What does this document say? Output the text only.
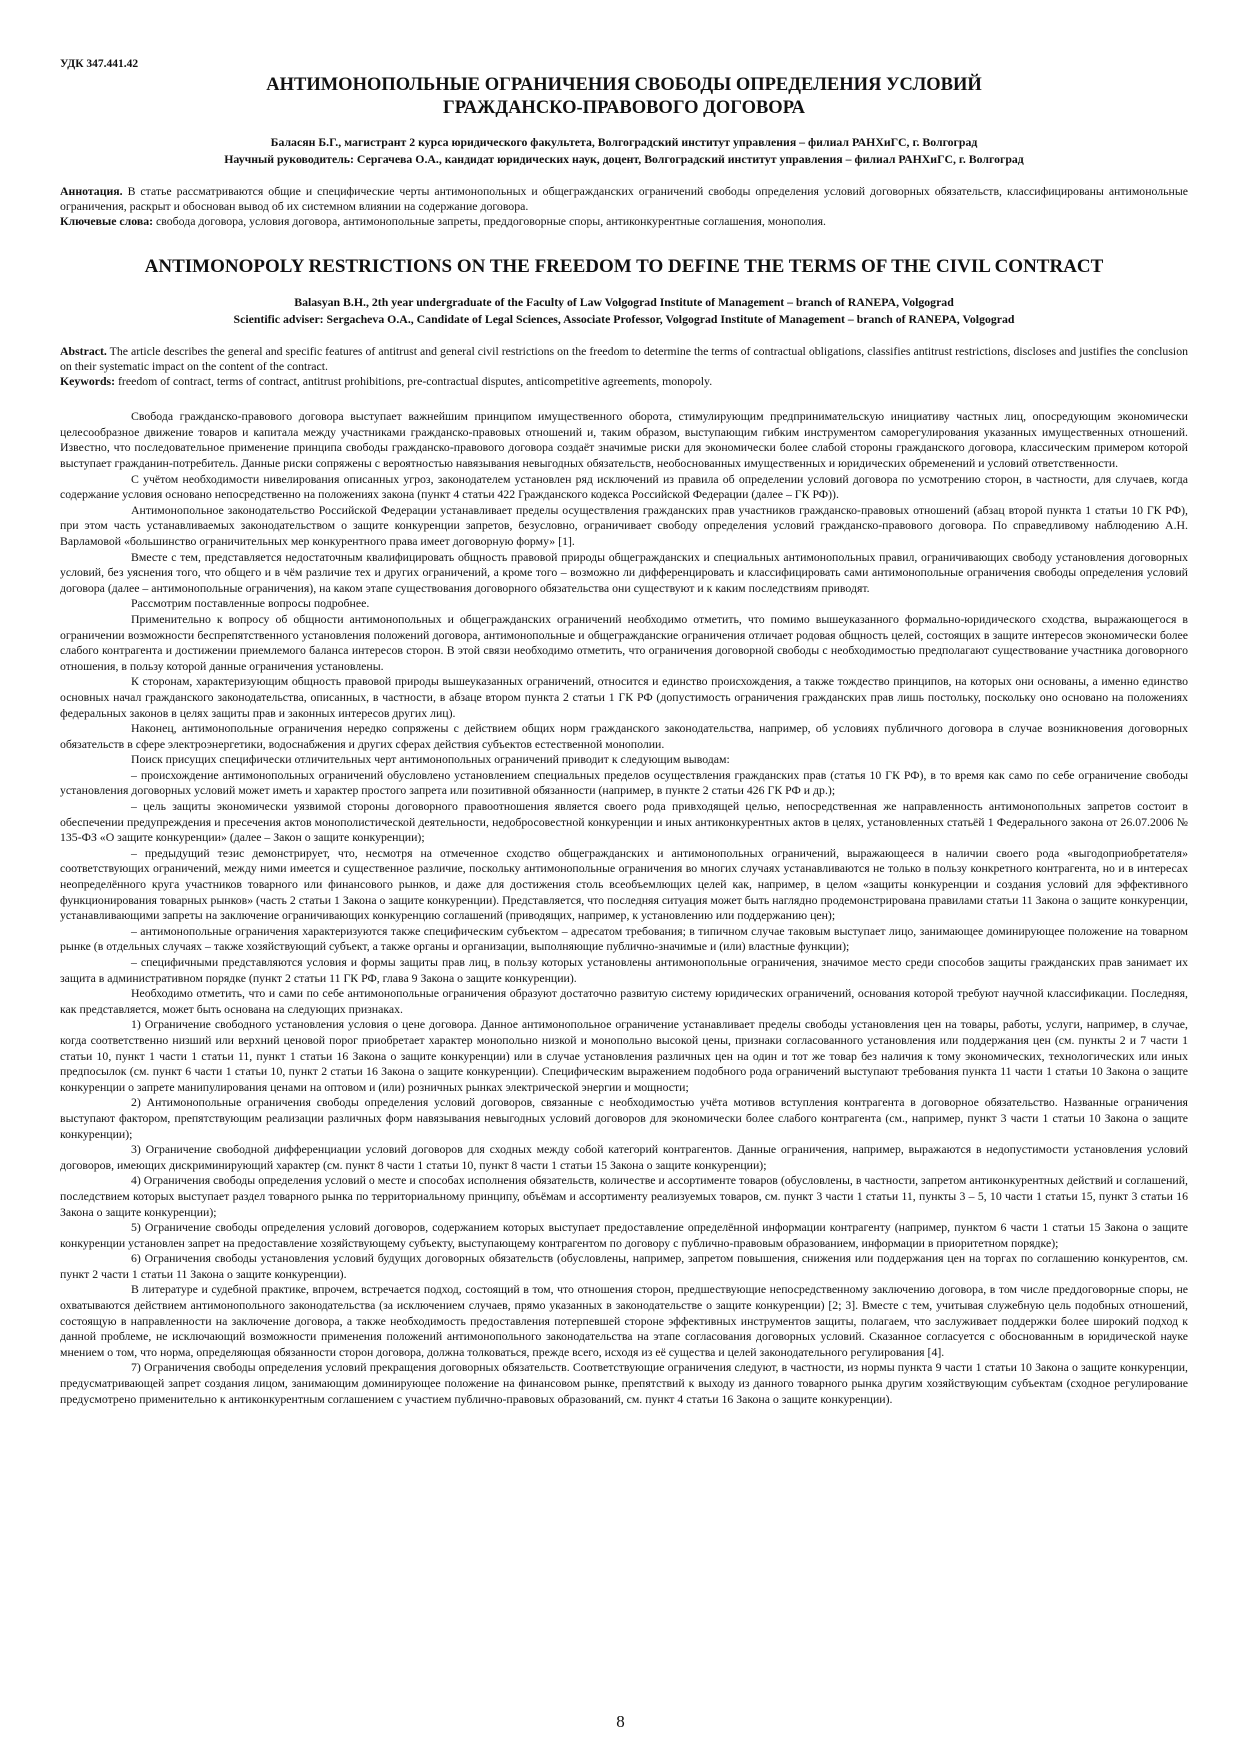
УДК 347.441.42
АНТИМОНОПОЛЬНЫЕ ОГРАНИЧЕНИЯ СВОБОДЫ ОПРЕДЕЛЕНИЯ УСЛОВИЙ
ГРАЖДАНСКО-ПРАВОВОГО ДОГОВОРА

Баласян Б.Г., магистрант 2 курса юридического факультета, Волгоградский институт управления – филиал РАНХиГС, г. Волгоград

Научный руководитель: Сергачева О.А., кандидат юридических наук, доцент, Волгоградский институт управления – филиал РАНХиГС, г. Волгоград

Аннотация. В статье рассматриваются общие и специфические черты антимонопольных и общегражданских ограничений свободы определения условий договорных обязательств, классифицированы антимонольные ограничения, раскрыт и обоснован вывод об их системном влиянии на содержание договора.

Ключевые слова: свобода договора, условия договора, антимонопольные запреты, преддоговорные споры, антиконкурентные соглашения, монополия.

ANTIMONOPOLY RESTRICTIONS ON THE FREEDOM TO DEFINE THE TERMS OF THE CIVIL CONTRACT

Balasyan B.H., 2th year undergraduate of the Faculty of Law Volgograd Institute of Management – branch of RANEPA, Volgograd

Scientific adviser: Sergacheva O.A., Candidate of Legal Sciences, Associate Professor, Volgograd Institute of Management – branch of RANEPA, Volgograd

Abstract. The article describes the general and specific features of antitrust and general civil restrictions on the freedom to determine the terms of contractual obligations, classifies antitrust restrictions, discloses and justifies the conclusion on their systematic impact on the content of the contract.

Keywords: freedom of contract, terms of contract, antitrust prohibitions, pre-contractual disputes, anticompetitive agreements, monopoly.

Свобода гражданско-правового договора выступает важнейшим принципом имущественного оборота, стимулирующим предпринимательскую инициативу частных лиц, опосредующим экономически целесообразное движение товаров и капитала между участниками гражданско-правовых отношений и, таким образом, выступающим гибким инструментом саморегулирования указанных имущественных отношений. Известно, что последовательное применение принципа свободы гражданско-правового договора создаёт значимые риски для экономически более слабой стороны гражданского договора, классическим примером которой выступает гражданин-потребитель. Данные риски сопряжены с вероятностью навязывания невыгодных обязательств, необоснованных имущественных и юридических обременений и условий ответственности.

С учётом необходимости нивелирования описанных угроз, законодателем установлен ряд исключений из правила об определении условий договора по усмотрению сторон, в частности, для случаев, когда содержание условия основано непосредственно на положениях закона (пункт 4 статьи 422 Гражданского кодекса Российской Федерации (далее – ГК РФ)).

Антимонопольное законодательство Российской Федерации устанавливает пределы осуществления гражданских прав участников гражданско-правовых отношений (абзац второй пункта 1 статьи 10 ГК РФ), при этом часть устанавливаемых законодательством о защите конкуренции запретов, безусловно, ограничивает свободу определения условий гражданско-правового договора. По справедливому наблюдению А.Н. Варламовой «большинство ограничительных мер конкурентного права имеет договорную форму» [1].

Вместе с тем, представляется недостаточным квалифицировать общность правовой природы общегражданских и специальных антимонопольных правил, ограничивающих свободу установления договорных условий, без уяснения того, что общего и в чём различие тех и других ограничений, а кроме того – возможно ли дифференцировать и классифицировать сами антимонопольные ограничения свободы определения условий договора (далее – антимонопольные ограничения), на каком этапе существования договорного обязательства они существуют и к каким последствиям приводят.

Рассмотрим поставленные вопросы подробнее.

Применительно к вопросу об общности антимонопольных и общегражданских ограничений необходимо отметить, что помимо вышеуказанного формально-юридического сходства, выражающегося в ограничении возможности беспрепятственного установления положений договора, антимонопольные и общегражданские ограничения отличает родовая общность целей, состоящих в защите интересов экономически более слабого контрагента и достижении приемлемого баланса интересов сторон. В этой связи необходимо отметить, что ограничения договорной свободы с необходимостью предполагают существование участника договорного отношения, в пользу которой данные ограничения установлены.

К сторонам, характеризующим общность правовой природы вышеуказанных ограничений, относится и единство происхождения, а также тождество принципов, на которых они основаны, а именно единство основных начал гражданского законодательства, описанных, в частности, в абзаце втором пункта 2 статьи 1 ГК РФ (допустимость ограничения гражданских прав лишь постольку, поскольку оно основано на положениях федеральных законов в целях защиты прав и законных интересов других лиц).

Наконец, антимонопольные ограничения нередко сопряжены с действием общих норм гражданского законодательства, например, об условиях публичного договора в случае возникновения договорных обязательств в сфере электроэнергетики, водоснабжения и других сферах действия субъектов естественной монополии.

Поиск присущих специфически отличительных черт антимонопольных ограничений приводит к следующим выводам:

– происхождение антимонопольных ограничений обусловлено установлением специальных пределов осуществления гражданских прав (статья 10 ГК РФ), в то время как само по себе ограничение свободы установления договорных условий может иметь и характер простого запрета или позитивной обязанности (например, в пункте 2 статьи 426 ГК РФ и др.);

– цель защиты экономически уязвимой стороны договорного правоотношения является своего рода привходящей целью, непосредственная же направленность антимонопольных запретов состоит в обеспечении предупреждения и пресечения актов монополистической деятельности, недобросовестной конкуренции и иных антиконкурентных актов в целях, установленных статьёй 1 Федерального закона от 26.07.2006 № 135-ФЗ «О защите конкуренции» (далее – Закон о защите конкуренции);

– предыдущий тезис демонстрирует, что, несмотря на отмеченное сходство общегражданских и антимонопольных ограничений, выражающееся в наличии своего рода «выгодоприобретателя» соответствующих ограничений, между ними имеется и существенное различие, поскольку антимонопольные ограничения во многих случаях устанавливаются не только в пользу конкретного контрагента, но и в интересах неопределённого круга участников товарного или финансового рынков, и даже для достижения столь всеобъемлющих целей как, например, в целом «защиты конкуренции и создания условий для эффективного функционирования товарных рынков» (часть 2 статьи 1 Закона о защите конкуренции). Представляется, что последняя ситуация может быть наглядно продемонстрирована правилами статьи 11 Закона о защите конкуренции, устанавливающими запреты на заключение ограничивающих конкуренцию соглашений (приводящих, например, к установлению или поддержанию цен);

– антимонопольные ограничения характеризуются также специфическим субъектом – адресатом требования; в типичном случае таковым выступает лицо, занимающее доминирующее положение на товарном рынке (в отдельных случаях – также хозяйствующий субъект, а также органы и организации, выполняющие публично-значимые и (или) властные функции);

– специфичными представляются условия и формы защиты прав лиц, в пользу которых установлены антимонопольные ограничения, значимое место среди способов защиты гражданских прав занимает их защита в административном порядке (пункт 2 статьи 11 ГК РФ, глава 9 Закона о защите конкуренции).

Необходимо отметить, что и сами по себе антимонопольные ограничения образуют достаточно развитую систему юридических ограничений, основания которой требуют научной классификации. Последняя, как представляется, может быть основана на следующих признаках.

1) Ограничение свободного установления условия о цене договора. Данное антимонопольное ограничение устанавливает пределы свободы установления цен на товары, работы, услуги, например, в случае, когда соответственно низший или верхний ценовой порог приобретает характер монопольно низкой и монопольно высокой цены, признаки согласованного установления или поддержания цен (см. пункты 2 и 7 части 1 статьи 10, пункт 1 части 1 статьи 11, пункт 1 статьи 16 Закона о защите конкуренции) или в случае установления различных цен на один и тот же товар без наличия к тому экономических, технологических или иных предпосылок (см. пункт 6 части 1 статьи 10, пункт 2 статьи 16 Закона о защите конкуренции). Специфическим выражением подобного рода ограничений выступают требования пункта 11 части 1 статьи 10 Закона о защите конкуренции о запрете манипулирования ценами на оптовом и (или) розничных рынках электрической энергии и мощности;

2) Антимонопольные ограничения свободы определения условий договоров, связанные с необходимостью учёта мотивов вступления контрагента в договорное обязательство. Названные ограничения выступают фактором, препятствующим реализации различных форм навязывания невыгодных условий договоров для экономически более слабого контрагента (см., например, пункт 3 части 1 статьи 10 Закона о защите конкуренции);

3) Ограничение свободной дифференциации условий договоров для сходных между собой категорий контрагентов. Данные ограничения, например, выражаются в недопустимости установления условий договоров, имеющих дискриминирующий характер (см. пункт 8 части 1 статьи 10, пункт 8 части 1 статьи 15 Закона о защите конкуренции);

4) Ограничения свободы определения условий о месте и способах исполнения обязательств, количестве и ассортименте товаров (обусловлены, в частности, запретом антиконкурентных действий и соглашений, последствием которых выступает раздел товарного рынка по территориальному принципу, объёмам и ассортименту реализуемых товаров, см. пункт 3 части 1 статьи 11, пункты 3 – 5, 10 части 1 статьи 15, пункт 3 статьи 16 Закона о защите конкуренции);

5) Ограничение свободы определения условий договоров, содержанием которых выступает предоставление определённой информации контрагенту (например, пунктом 6 части 1 статьи 15 Закона о защите конкуренции установлен запрет на предоставление хозяйствующему субъекту, выступающему контрагентом по договору с публично-правовым образованием, информации в приоритетном порядке);

6) Ограничения свободы установления условий будущих договорных обязательств (обусловлены, например, запретом повышения, снижения или поддержания цен на торгах по соглашению конкурентов, см. пункт 2 части 1 статьи 11 Закона о защите конкуренции).

В литературе и судебной практике, впрочем, встречается подход, состоящий в том, что отношения сторон, предшествующие непосредственному заключению договора, в том числе преддоговорные споры, не охватываются действием антимонопольного законодательства (за исключением случаев, прямо указанных в законодательстве о защите конкуренции) [2; 3]. Вместе с тем, учитывая служебную цель подобных отношений, состоящую в направленности на заключение договора, а также необходимость предоставления потерпевшей стороне эффективных инструментов защиты, полагаем, что заслуживает поддержки более широкий подход к данной проблеме, не исключающий возможности применения положений антимонопольного законодательства на этапе согласования договорных условий. Сказанное согласуется с обоснованным в юридической науке мнением о том, что норма, определяющая обязанности сторон договора, должна толковаться, прежде всего, исходя из её существа и целей законодательного регулирования [4].

7) Ограничения свободы определения условий прекращения договорных обязательств. Соответствующие ограничения следуют, в частности, из нормы пункта 9 части 1 статьи 10 Закона о защите конкуренции, предусматривающей запрет создания лицом, занимающим доминирующее положение на финансовом рынке, препятствий к выходу из данного товарного рынка другим хозяйствующим субъектам (сходное регулирование предусмотрено применительно к антиконкурентным соглашением с участием публично-правовых образований, см. пункт 4 статьи 16 Закона о защите конкуренции).

8
